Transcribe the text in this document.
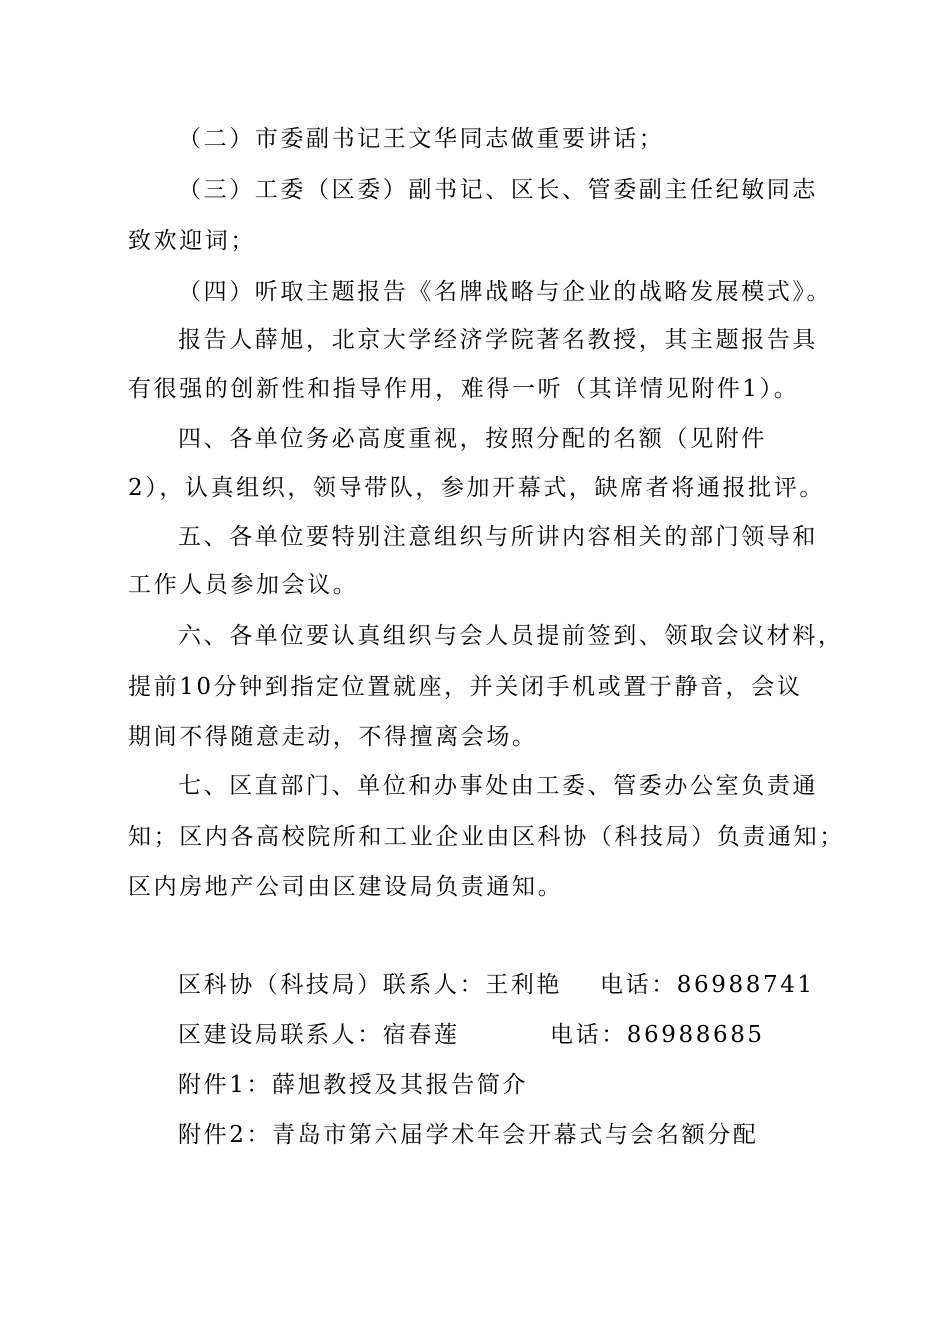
（二）市委副书记王文华同志做重要讲话；
（三）工委（区委）副书记、区长、管委副主任纪敏同志
致欢迎词；
（四）听取主题报告《名牌战略与企业的战略发展模式》。
报告人薛旭，北京大学经济学院著名教授，其主题报告具
有很强的创新性和指导作用，难得一听（其详情见附件1）。
四、各单位务必高度重视，按照分配的名额（见附件
2），认真组织，领导带队，参加开幕式，缺席者将通报批评。
五、各单位要特别注意组织与所讲内容相关的部门领导和
工作人员参加会议。
六、各单位要认真组织与会人员提前签到、领取会议材料，
提前10分钟到指定位置就座，并关闭手机或置于静音，会议
期间不得随意走动，不得擅离会场。
七、区直部门、单位和办事处由工委、管委办公室负责通
知；区内各高校院所和工业企业由区科协（科技局）负责通知；
区内房地产公司由区建设局负责通知。
区科协（科技局）联系人：王利艳 电话：86988741
区建设局联系人：宿春莲	电话：86988685
附件1：薛旭教授及其报告简介
附件2：青岛市第六届学术年会开幕式与会名额分配
